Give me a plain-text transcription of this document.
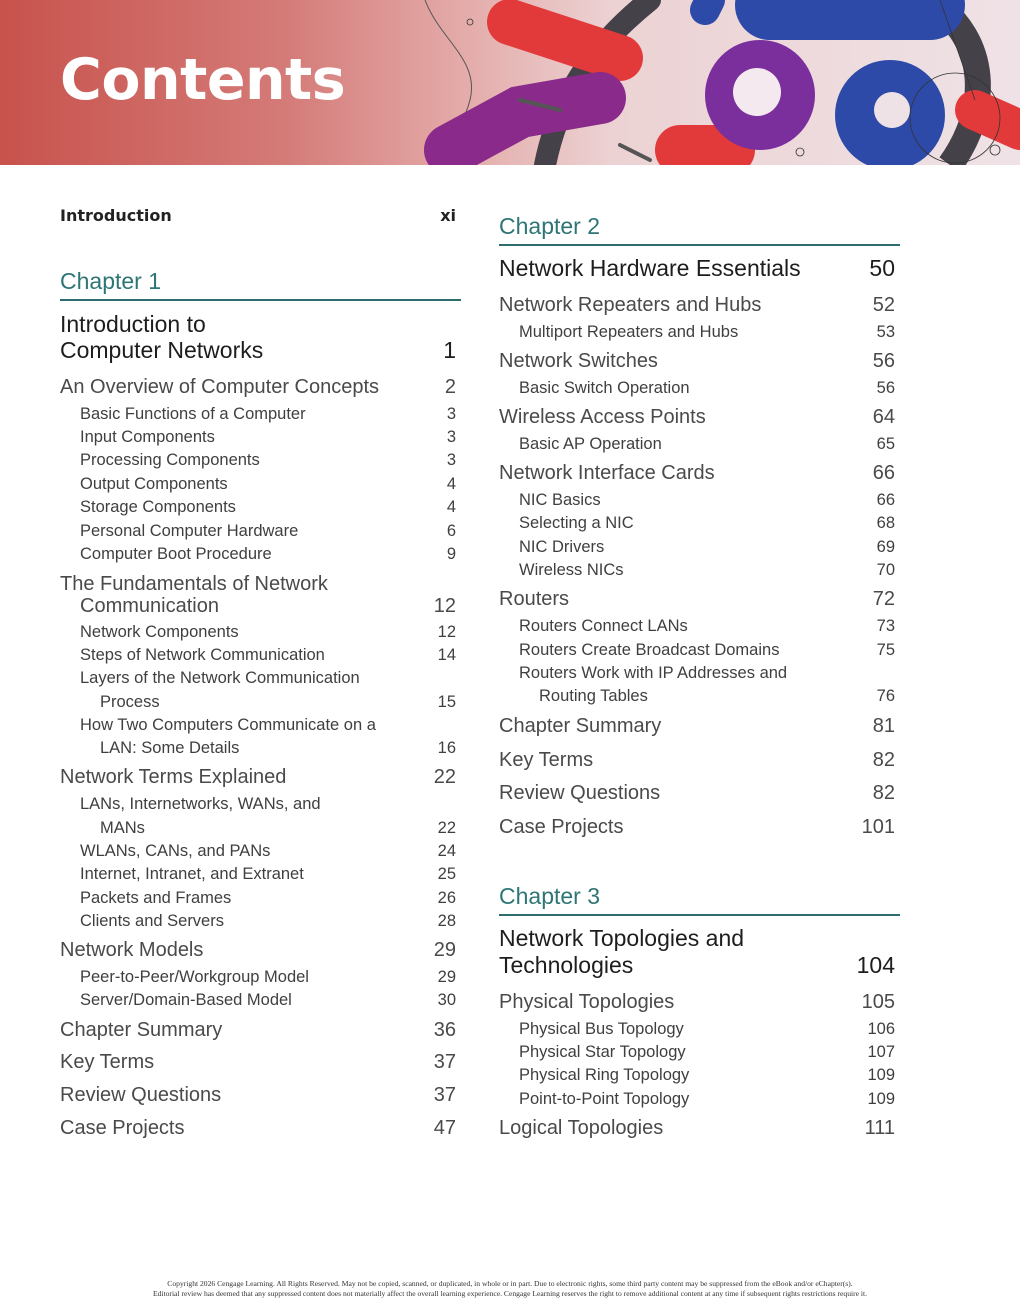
Contents
Introduction	xi
Chapter 1
Introduction to
Computer Networks	1
An Overview of Computer Concepts	2
Basic Functions of a Computer	3
Input Components	3
Processing Components	3
Output Components	4
Storage Components	4
Personal Computer Hardware	6
Computer Boot Procedure	9
The Fundamentals of Network
Communication	12
Network Components	12
Steps of Network Communication	14
Layers of the Network Communication
Process	15
How Two Computers Communicate on a
LAN: Some Details	16
Network Terms Explained	22
LANs, Internetworks, WANs, and
MANs	22
WLANs, CANs, and PANs	24
Internet, Intranet, and Extranet	25
Packets and Frames	26
Clients and Servers	28
Network Models	29
Peer-to-Peer/Workgroup Model	29
Server/Domain-Based Model	30
Chapter Summary	36
Key Terms	37
Review Questions	37
Case Projects	47
Chapter 2
Network Hardware Essentials	50
Network Repeaters and Hubs	52
Multiport Repeaters and Hubs	53
Network Switches	56
Basic Switch Operation	56
Wireless Access Points	64
Basic AP Operation	65
Network Interface Cards	66
NIC Basics	66
Selecting a NIC	68
NIC Drivers	69
Wireless NICs	70
Routers	72
Routers Connect LANs	73
Routers Create Broadcast Domains	75
Routers Work with IP Addresses and
Routing Tables	76
Chapter Summary	81
Key Terms	82
Review Questions	82
Case Projects	101
Chapter 3
Network Topologies and
Technologies	104
Physical Topologies	105
Physical Bus Topology	106
Physical Star Topology	107
Physical Ring Topology	109
Point-to-Point Topology	109
Logical Topologies	111
Copyright 2026 Cengage Learning. All Rights Reserved. May not be copied, scanned, or duplicated, in whole or in part. Due to electronic rights, some third party content may be suppressed from the eBook and/or eChapter(s).
Editorial review has deemed that any suppressed content does not materially affect the overall learning experience. Cengage Learning reserves the right to remove additional content at any time if subsequent rights restrictions require it.
